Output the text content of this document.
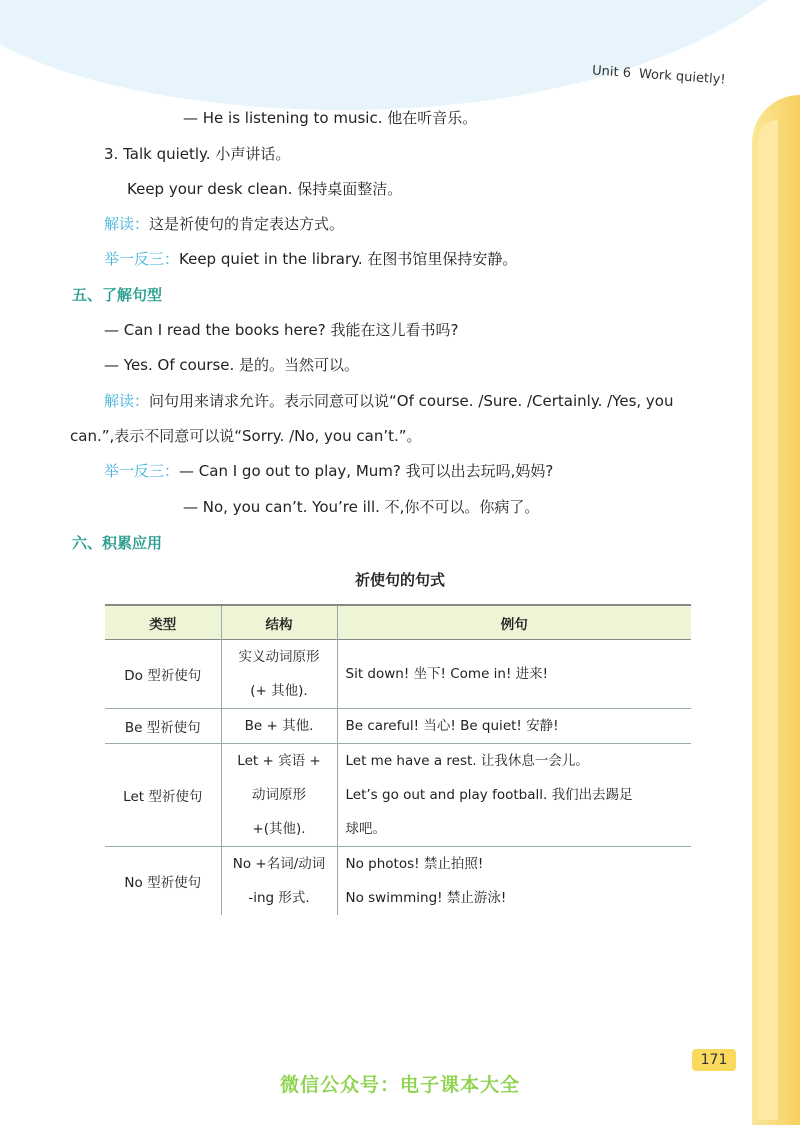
Unit 6 Work quietly!
— He is listening to music. 他在听音乐。
3. Talk quietly. 小声讲话。
Keep your desk clean. 保持桌面整洁。
解读：这是祈使句的肯定表达方式。
举一反三：Keep quiet in the library. 在图书馆里保持安静。
五、了解句型
— Can I read the books here? 我能在这儿看书吗?
— Yes. Of course. 是的。当然可以。
解读：问句用来请求允许。表示同意可以说“Of course. /Sure. /Certainly. /Yes, you
can.”,表示不同意可以说“Sorry. /No, you can’t.”。
举一反三：— Can I go out to play, Mum? 我可以出去玩吗,妈妈?
— No, you can’t. You’re ill. 不,你不可以。你病了。
六、积累应用
祈使句的句式
类型	结构	例句
Do 型祈使句	实义动词原形
(+ 其他).	Sit down! 坐下! Come in! 进来!

Be 型祈使句	Be + 其他.	Be careful! 当心! Be quiet! 安静!

Let 型祈使句	Let + 宾语 +
动词原形
+(其他).	Let me have a rest. 让我休息一会儿。
Let’s go out and play football. 我们出去踢足
球吧。

No 型祈使句	No +名词/动词
-ing 形式.	No photos! 禁止拍照!
No swimming! 禁止游泳!
171
微信公众号：电子课本大全
